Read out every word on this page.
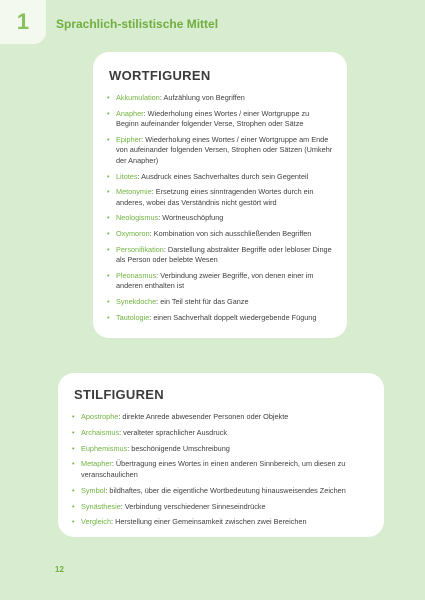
1 Sprachlich-stilistische Mittel
WORTFIGUREN
• Akkumulation: Aufzählung von Begriffen
• Anapher: Wiederholung eines Wortes / einer Wortgruppe zu Beginn aufeinander folgender Verse, Strophen oder Sätze
• Epipher: Wiederholung eines Wortes / einer Wortgruppe am Ende von aufeinander folgenden Versen, Strophen oder Sätzen (Umkehr der Anapher)
• Litotes: Ausdruck eines Sachverhaltes durch sein Gegenteil
• Metonymie: Ersetzung eines sinntragenden Wortes durch ein anderes, wobei das Verständnis nicht gestört wird
• Neologismus: Wortneuschöpfung
• Oxymoron: Kombination von sich ausschließenden Begriffen
• Personifikation: Darstellung abstrakter Begriffe oder lebloser Dinge als Person oder belebte Wesen
• Pleonasmus: Verbindung zweier Begriffe, von denen einer im anderen enthalten ist
• Synekdoche: ein Teil steht für das Ganze
• Tautologie: einen Sachverhalt doppelt wiedergebende Fügung
STILFIGUREN
• Apostrophe: direkte Anrede abwesender Personen oder Objekte
• Archaismus: veralteter sprachlicher Ausdruck
• Euphemismus: beschönigende Umschreibung
• Metapher: Übertragung eines Wortes in einen anderen Sinnbereich, um diesen zu veranschaulichen
• Symbol: bildhaftes, über die eigentliche Wortbedeutung hinausweisendes Zeichen
• Synästhesie: Verbindung verschiedener Sinneseindrücke
• Vergleich: Herstellung einer Gemeinsamkeit zwischen zwei Bereichen
12
